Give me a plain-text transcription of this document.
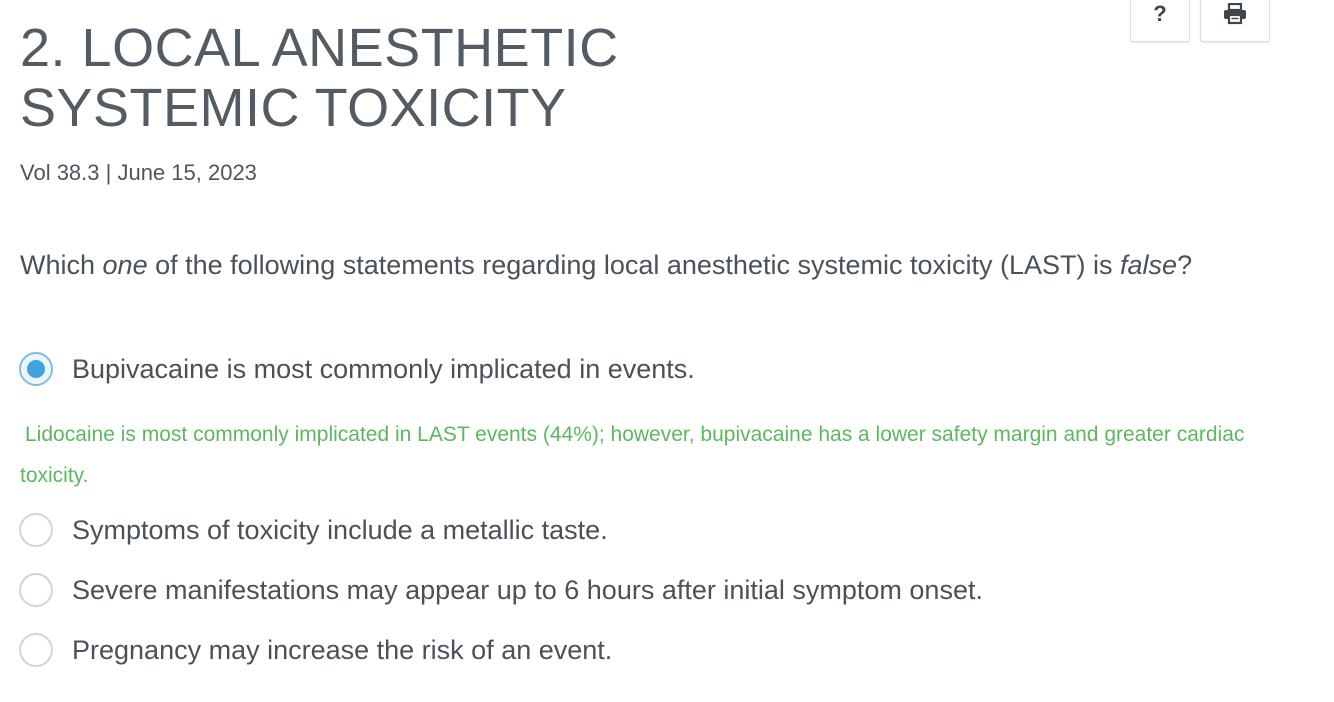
?
2. LOCAL ANESTHETIC
SYSTEMIC TOXICITY
Vol 38.3 | June 15, 2023
Which one of the following statements regarding local anesthetic systemic toxicity (LAST) is false?
Bupivacaine is most commonly implicated in events.
Lidocaine is most commonly implicated in LAST events (44%); however, bupivacaine has a lower safety margin and greater cardiac toxicity.
Symptoms of toxicity include a metallic taste.
Severe manifestations may appear up to 6 hours after initial symptom onset.
Pregnancy may increase the risk of an event.
